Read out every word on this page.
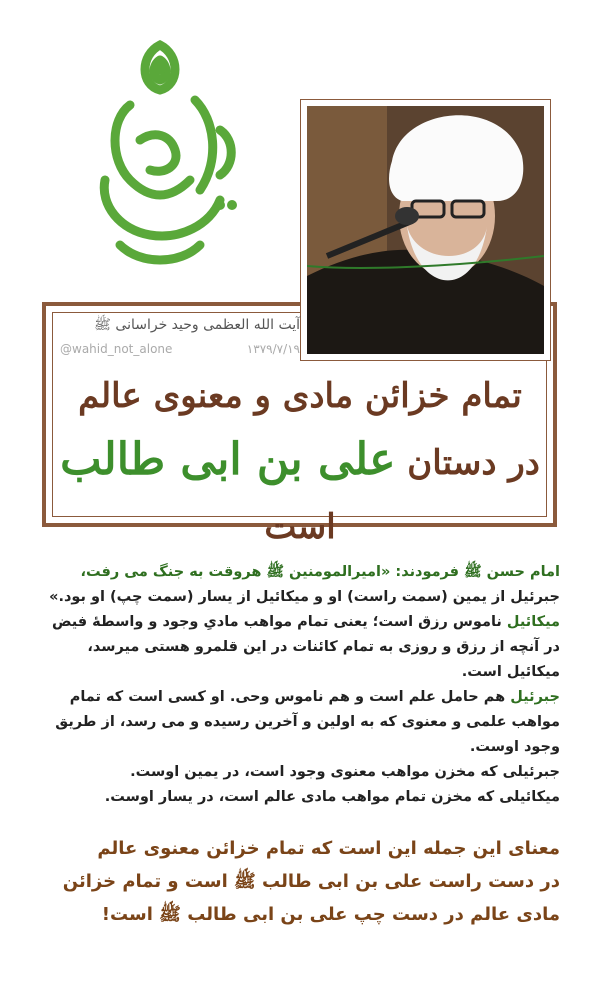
آیت الله العظمی وحید خراسانی ﷺ
@wahid_not_alone	۱۳۷۹/۷/۱۹
تمام خزائن مادی و معنوی عالم
در دستان علی بن ابی طالب است

امام حسن ﷺ فرمودند: «امیرالمومنین ﷺ هروقت به جنگ می رفت،

جبرئیل از یمین (سمت راست) او و میکائیل از یسار (سمت چپ) او بود.»

میکائیل ناموس رزق است؛ یعنی تمام مواهب مادیِ وجود و واسطۀ فیض در آنچه از رزق و روزی به تمام کائنات در این قلمرو هستی میرسد، میکائیل است.

جبرئیل هم حامل علم است و هم ناموس وحی. او کسی است که تمام مواهب علمی و معنوی که به اولین و آخرین رسیده و می رسد، از طریق وجود اوست.

جبرئیلی که مخزن مواهب معنوی وجود است، در یمین اوست.

میکائیلی که مخزن تمام مواهب مادی عالم است، در یسار اوست.

معنای این جمله این است که تمام خزائن معنوی عالم
در دست راست علی بن ابی طالب ﷺ است و تمام خزائن
مادی عالم در دست چپ علی بن ابی طالب ﷺ است!
